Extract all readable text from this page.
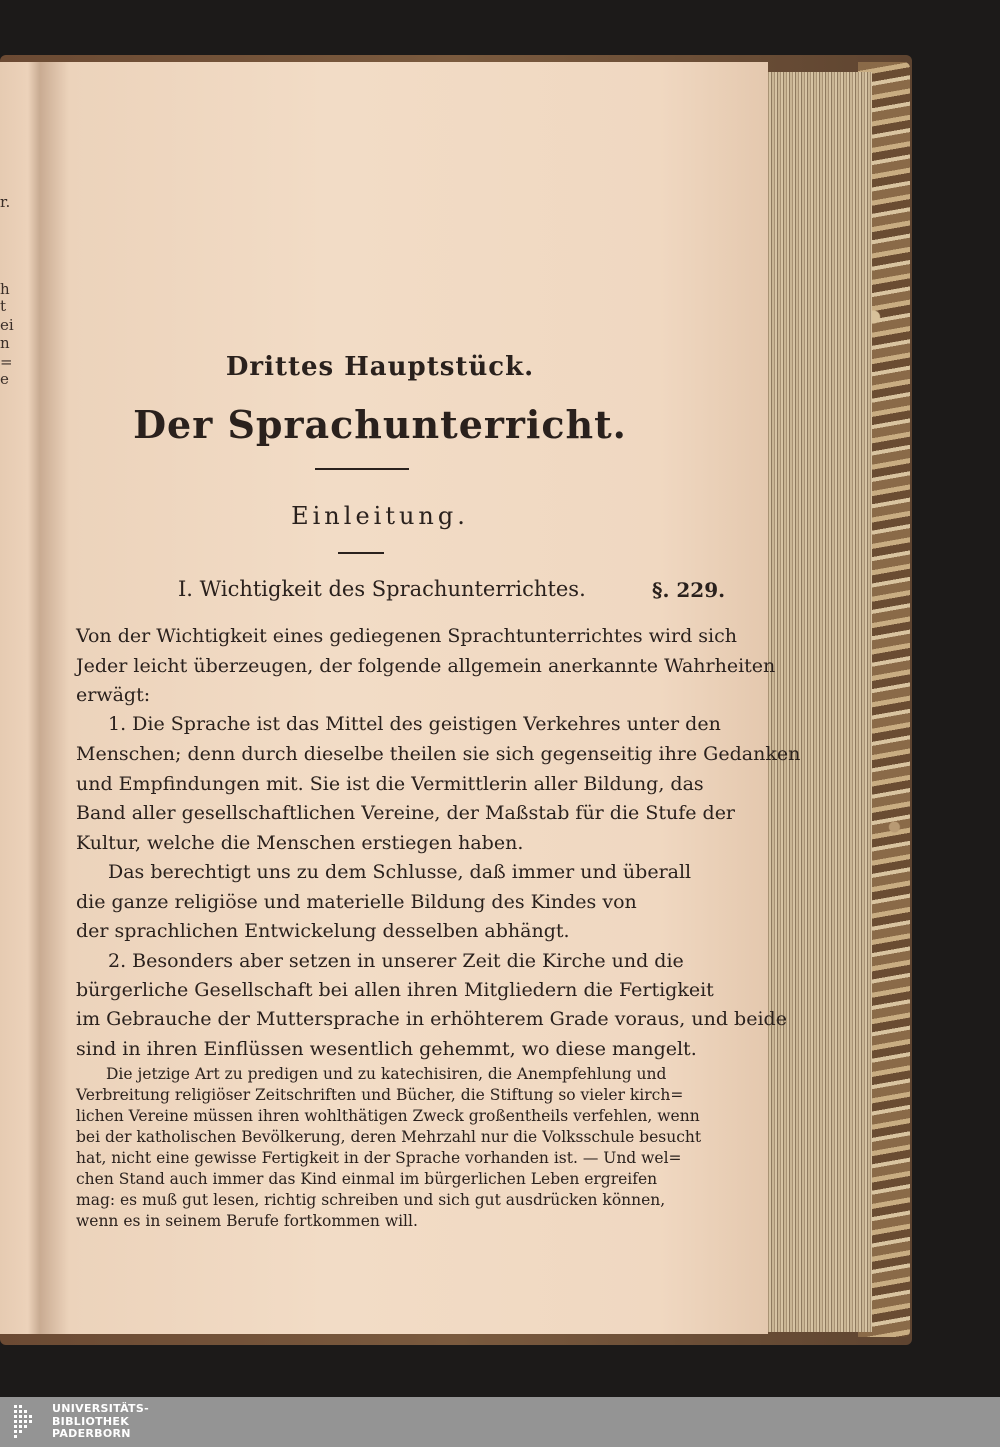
r.
h
t
ei
n
=
e	Drittes Hauptstück.
Der Sprachunterricht.
Einleitung.
I. Wichtigkeit des Sprachunterrichtes.	§. 229.
Von der Wichtigkeit eines gediegenen Sprachtunterrichtes wird sich
Jeder leicht überzeugen, der folgende allgemein anerkannte Wahrheiten
erwägt:
1. Die Sprache ist das Mittel des geistigen Verkehres unter den
Menschen; denn durch dieselbe theilen sie sich gegenseitig ihre Gedanken
und Empfindungen mit. Sie ist die Vermittlerin aller Bildung, das
Band aller gesellschaftlichen Vereine, der Maßstab für die Stufe der
Kultur, welche die Menschen erstiegen haben.
Das berechtigt uns zu dem Schlusse, daß immer und überall
die ganze religiöse und materielle Bildung des Kindes von
der sprachlichen Entwickelung desselben abhängt.
2. Besonders aber setzen in unserer Zeit die Kirche und die
bürgerliche Gesellschaft bei allen ihren Mitgliedern die Fertigkeit
im Gebrauche der Muttersprache in erhöhterem Grade voraus, und beide
sind in ihren Einflüssen wesentlich gehemmt, wo diese mangelt.
Die jetzige Art zu predigen und zu katechisiren, die Anempfehlung und
Verbreitung religiöser Zeitschriften und Bücher, die Stiftung so vieler kirch=
lichen Vereine müssen ihren wohlthätigen Zweck großentheils verfehlen, wenn
bei der katholischen Bevölkerung, deren Mehrzahl nur die Volksschule besucht
hat, nicht eine gewisse Fertigkeit in der Sprache vorhanden ist. — Und wel=
chen Stand auch immer das Kind einmal im bürgerlichen Leben ergreifen
mag: es muß gut lesen, richtig schreiben und sich gut ausdrücken können,
wenn es in seinem Berufe fortkommen will.
UNIVERSITÄTS-
BIBLIOTHEK
PADERBORN
